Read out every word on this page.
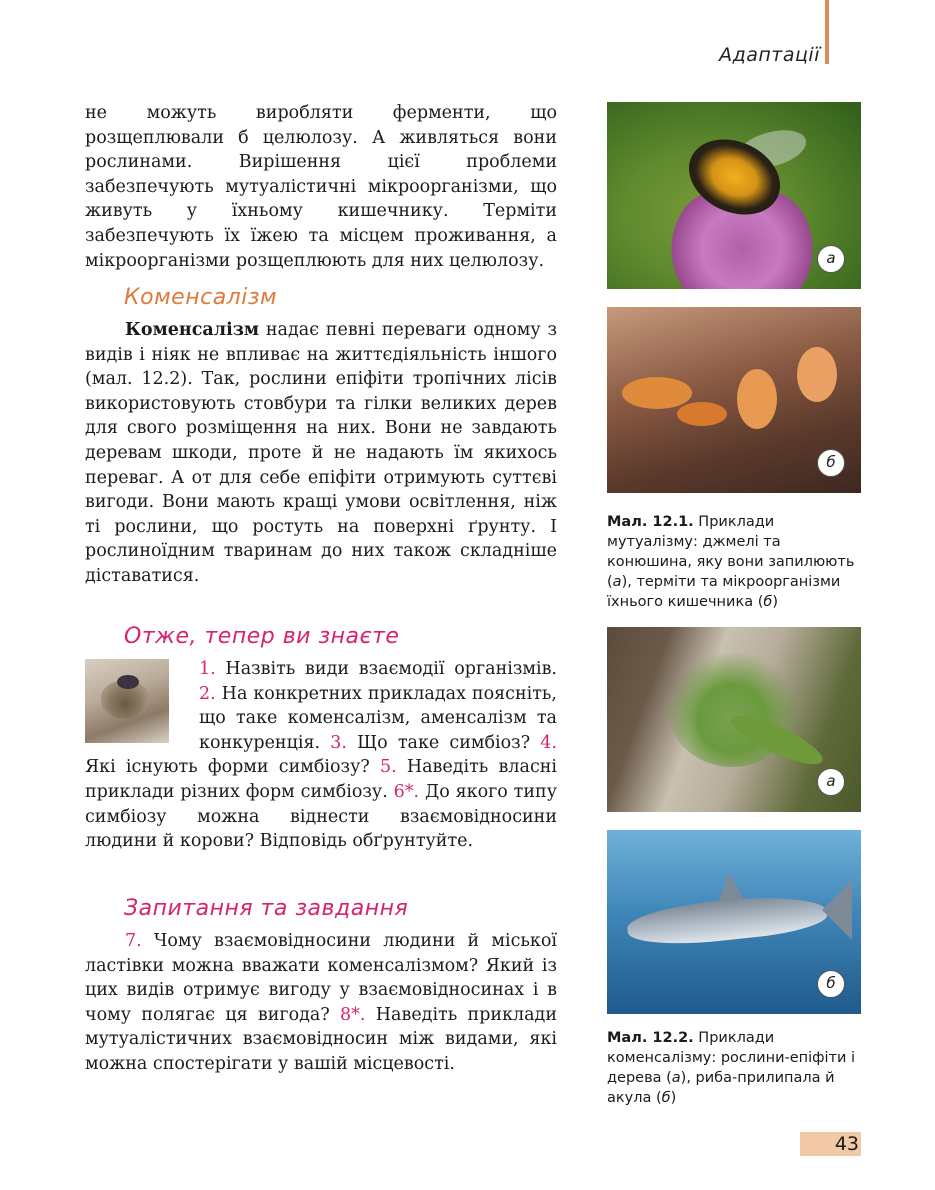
Адаптації

не можуть виробляти ферменти, що розщеплювали б целюлозу. А живляться вони рослинами. Вирішення цієї проблеми забезпечують мутуалістичні мікроорганізми, що живуть у їхньому кишечнику. Терміти забезпечують їх їжею та місцем проживання, а мікроорганізми розщеплюють для них целюлозу.

Коменсалізм

Коменсалізм надає певні переваги одному з видів і ніяк не впливає на життєдіяльність іншого (мал. 12.2). Так, рослини епіфіти тропічних лісів використовують стовбури та гілки великих дерев для свого розміщення на них. Вони не завдають деревам шкоди, проте й не надають їм якихось переваг. А от для себе епіфіти отримують суттєві вигоди. Вони мають кращі умови освітлення, ніж ті рослини, що ростуть на поверхні ґрунту. І рослиноїдним тваринам до них також складніше діставатися.

Отже, тепер ви знаєте

1. Назвіть види взаємодії організмів. 2. На конкретних прикладах поясніть, що таке коменсалізм, аменсалізм та конкуренція. 3. Що таке симбіоз? 4. Які існують форми симбіозу? 5. Наведіть власні приклади різних форм симбіозу. 6*. До якого типу симбіозу можна віднести взаємовідносини людини й корови? Відповідь обґрунтуйте.

Запитання та завдання

7. Чому взаємовідносини людини й міської ластівки можна вважати коменсалізмом? Який із цих видів отримує вигоду у взаємовідносинах і в чому полягає ця вигода? 8*. Наведіть приклади мутуалістичних взаємовідносин між видами, які можна спостерігати у вашій місцевості.

а
б
Мал. 12.1. Приклади мутуалізму: джмелі та конюшина, яку вони запилюють (а), терміти та мікроорганізми їхнього кишечника (б)
а
б
Мал. 12.2. Приклади коменсалізму: рослини-епіфіти і дерева (а), риба-прилипала й акула (б)
43
